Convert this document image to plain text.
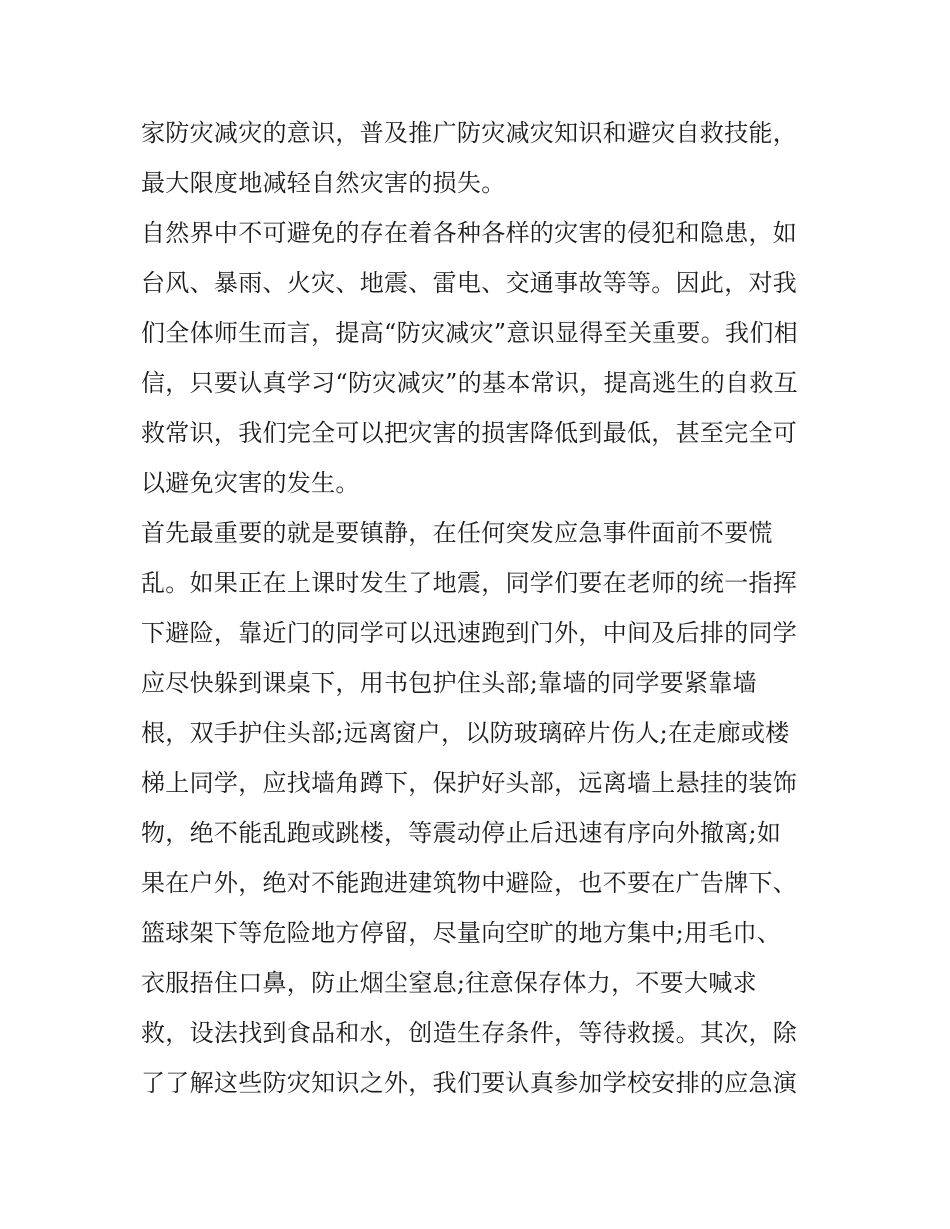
家防灾减灾的意识，普及推广防灾减灾知识和避灾自救技能，
最大限度地减轻自然灾害的损失。
自然界中不可避免的存在着各种各样的灾害的侵犯和隐患，如
台风、暴雨、火灾、地震、雷电、交通事故等等。因此，对我
们全体师生而言，提高“防灾减灾”意识显得至关重要。我们相
信，只要认真学习“防灾减灾”的基本常识，提高逃生的自救互
救常识，我们完全可以把灾害的损害降低到最低，甚至完全可
以避免灾害的发生。
首先最重要的就是要镇静，在任何突发应急事件面前不要慌
乱。如果正在上课时发生了地震，同学们要在老师的统一指挥
下避险，靠近门的同学可以迅速跑到门外，中间及后排的同学
应尽快躲到课桌下，用书包护住头部;靠墙的同学要紧靠墙
根，双手护住头部;远离窗户，以防玻璃碎片伤人;在走廊或楼
梯上同学，应找墙角蹲下，保护好头部，远离墙上悬挂的装饰
物，绝不能乱跑或跳楼，等震动停止后迅速有序向外撤离;如
果在户外，绝对不能跑进建筑物中避险，也不要在广告牌下、
篮球架下等危险地方停留，尽量向空旷的地方集中;用毛巾、
衣服捂住口鼻，防止烟尘窒息;往意保存体力，不要大喊求
救，设法找到食品和水，创造生存条件，等待救援。其次，除
了了解这些防灾知识之外，我们要认真参加学校安排的应急演
